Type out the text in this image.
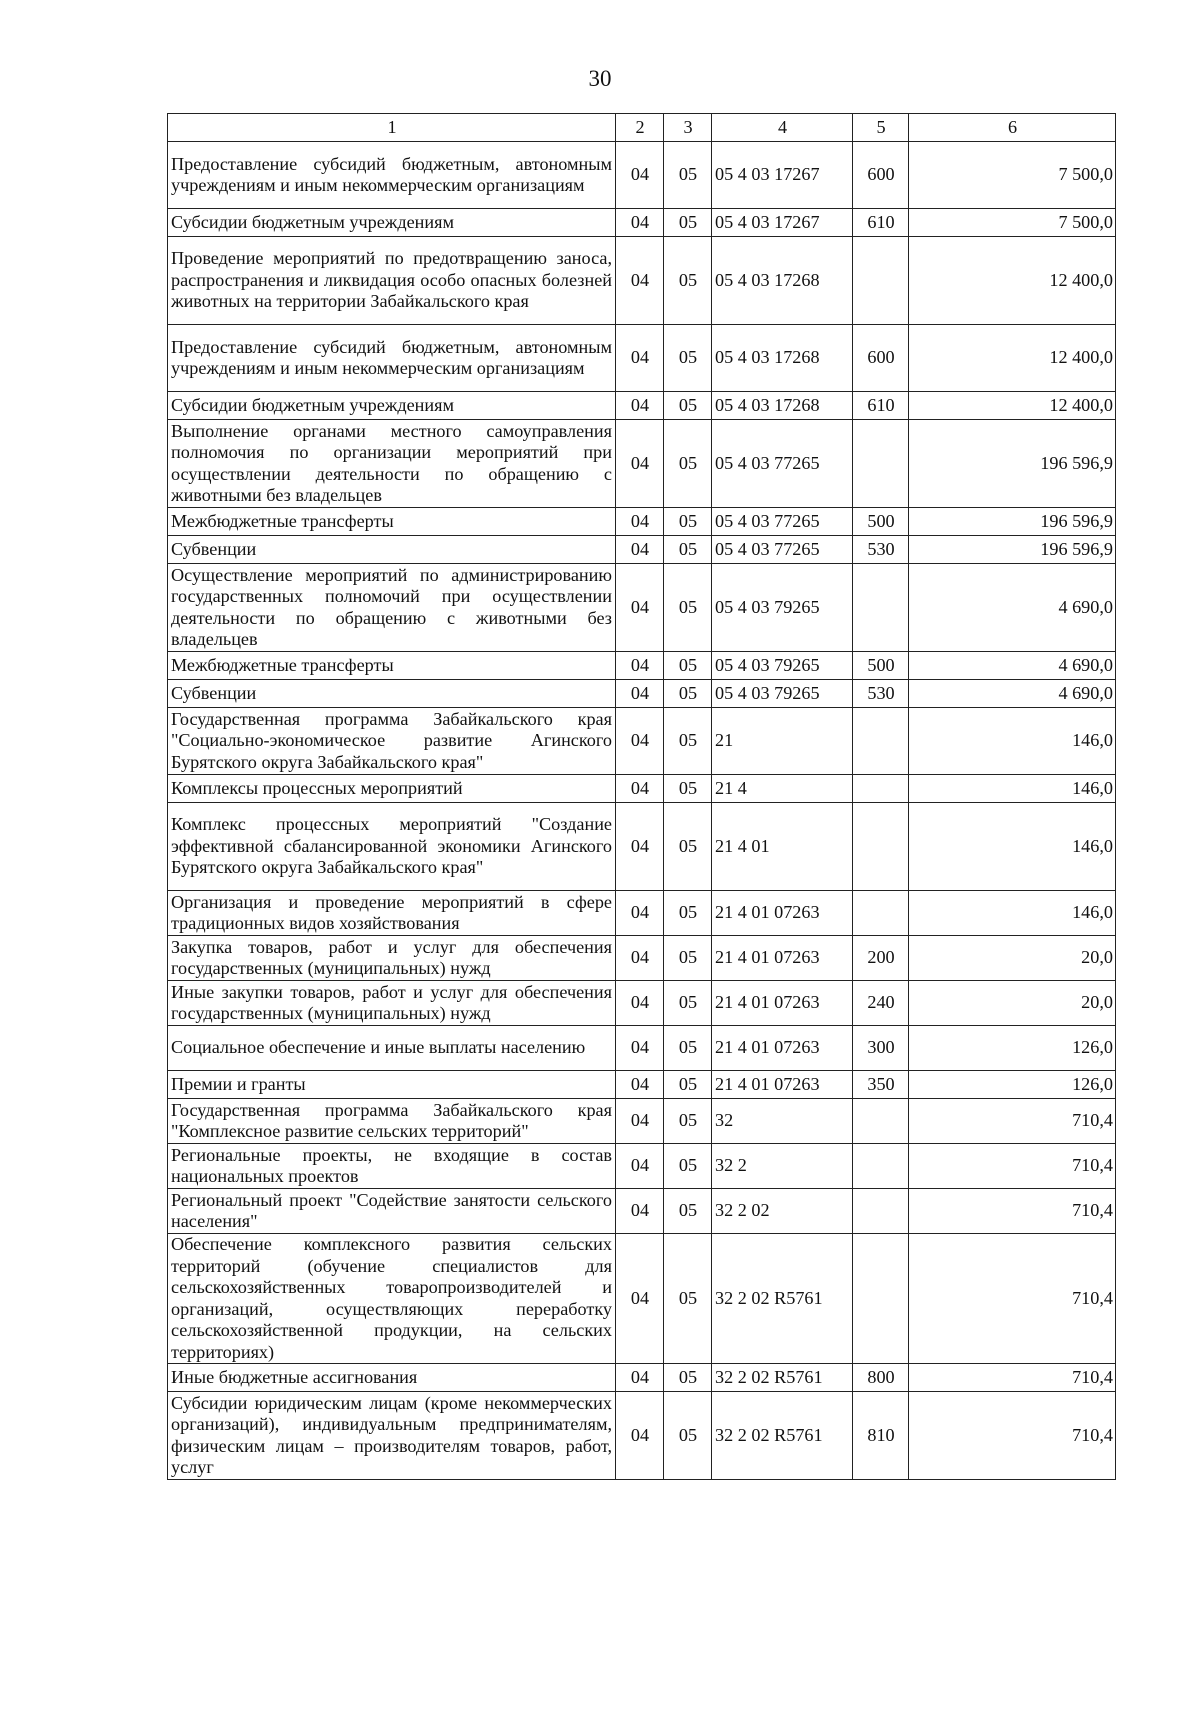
30
1	2	3	4	5	6
Предоставление субсидий бюджетным, автономным учреждениям и иным некоммерческим организациям	04	05	05 4 03 17267	600	7 500,0
Субсидии бюджетным учреждениям	04	05	05 4 03 17267	610	7 500,0
Проведение мероприятий по предотвращению заноса, распространения и ликвидация особо опасных болезней животных на территории Забайкальского края	04	05	05 4 03 17268		12 400,0
Предоставление субсидий бюджетным, автономным учреждениям и иным некоммерческим организациям	04	05	05 4 03 17268	600	12 400,0
Субсидии бюджетным учреждениям	04	05	05 4 03 17268	610	12 400,0
Выполнение органами местного самоуправления полномочия по организации мероприятий при осуществлении деятельности по обращению с животными без владельцев	04	05	05 4 03 77265		196 596,9
Межбюджетные трансферты	04	05	05 4 03 77265	500	196 596,9
Субвенции	04	05	05 4 03 77265	530	196 596,9
Осуществление мероприятий по администрированию государственных полномочий при осуществлении деятельности по обращению с животными без владельцев	04	05	05 4 03 79265		4 690,0
Межбюджетные трансферты	04	05	05 4 03 79265	500	4 690,0
Субвенции	04	05	05 4 03 79265	530	4 690,0
Государственная программа Забайкальского края "Социально-экономическое развитие Агинского Бурятского округа Забайкальского края"	04	05	21		146,0
Комплексы процессных мероприятий	04	05	21 4		146,0
Комплекс процессных мероприятий "Создание эффективной сбалансированной экономики Агинского Бурятского округа Забайкальского края"	04	05	21 4 01		146,0
Организация и проведение мероприятий в сфере традиционных видов хозяйствования	04	05	21 4 01 07263		146,0
Закупка товаров, работ и услуг для обеспечения государственных (муниципальных) нужд	04	05	21 4 01 07263	200	20,0
Иные закупки товаров, работ и услуг для обеспечения государственных (муниципальных) нужд	04	05	21 4 01 07263	240	20,0
Социальное обеспечение и иные выплаты населению	04	05	21 4 01 07263	300	126,0
Премии и гранты	04	05	21 4 01 07263	350	126,0
Государственная программа Забайкальского края "Комплексное развитие сельских территорий"	04	05	32		710,4
Региональные проекты, не входящие в состав национальных проектов	04	05	32 2		710,4
Региональный проект "Содействие занятости сельского населения"	04	05	32 2 02		710,4
Обеспечение комплексного развития сельских территорий (обучение специалистов для сельскохозяйственных товаропроизводителей и организаций, осуществляющих переработку сельскохозяйственной продукции, на сельских территориях)	04	05	32 2 02 R5761		710,4
Иные бюджетные ассигнования	04	05	32 2 02 R5761	800	710,4
Субсидии юридическим лицам (кроме некоммерческих организаций), индивидуальным предпринимателям, физическим лицам – производителям товаров, работ, услуг	04	05	32 2 02 R5761	810	710,4
